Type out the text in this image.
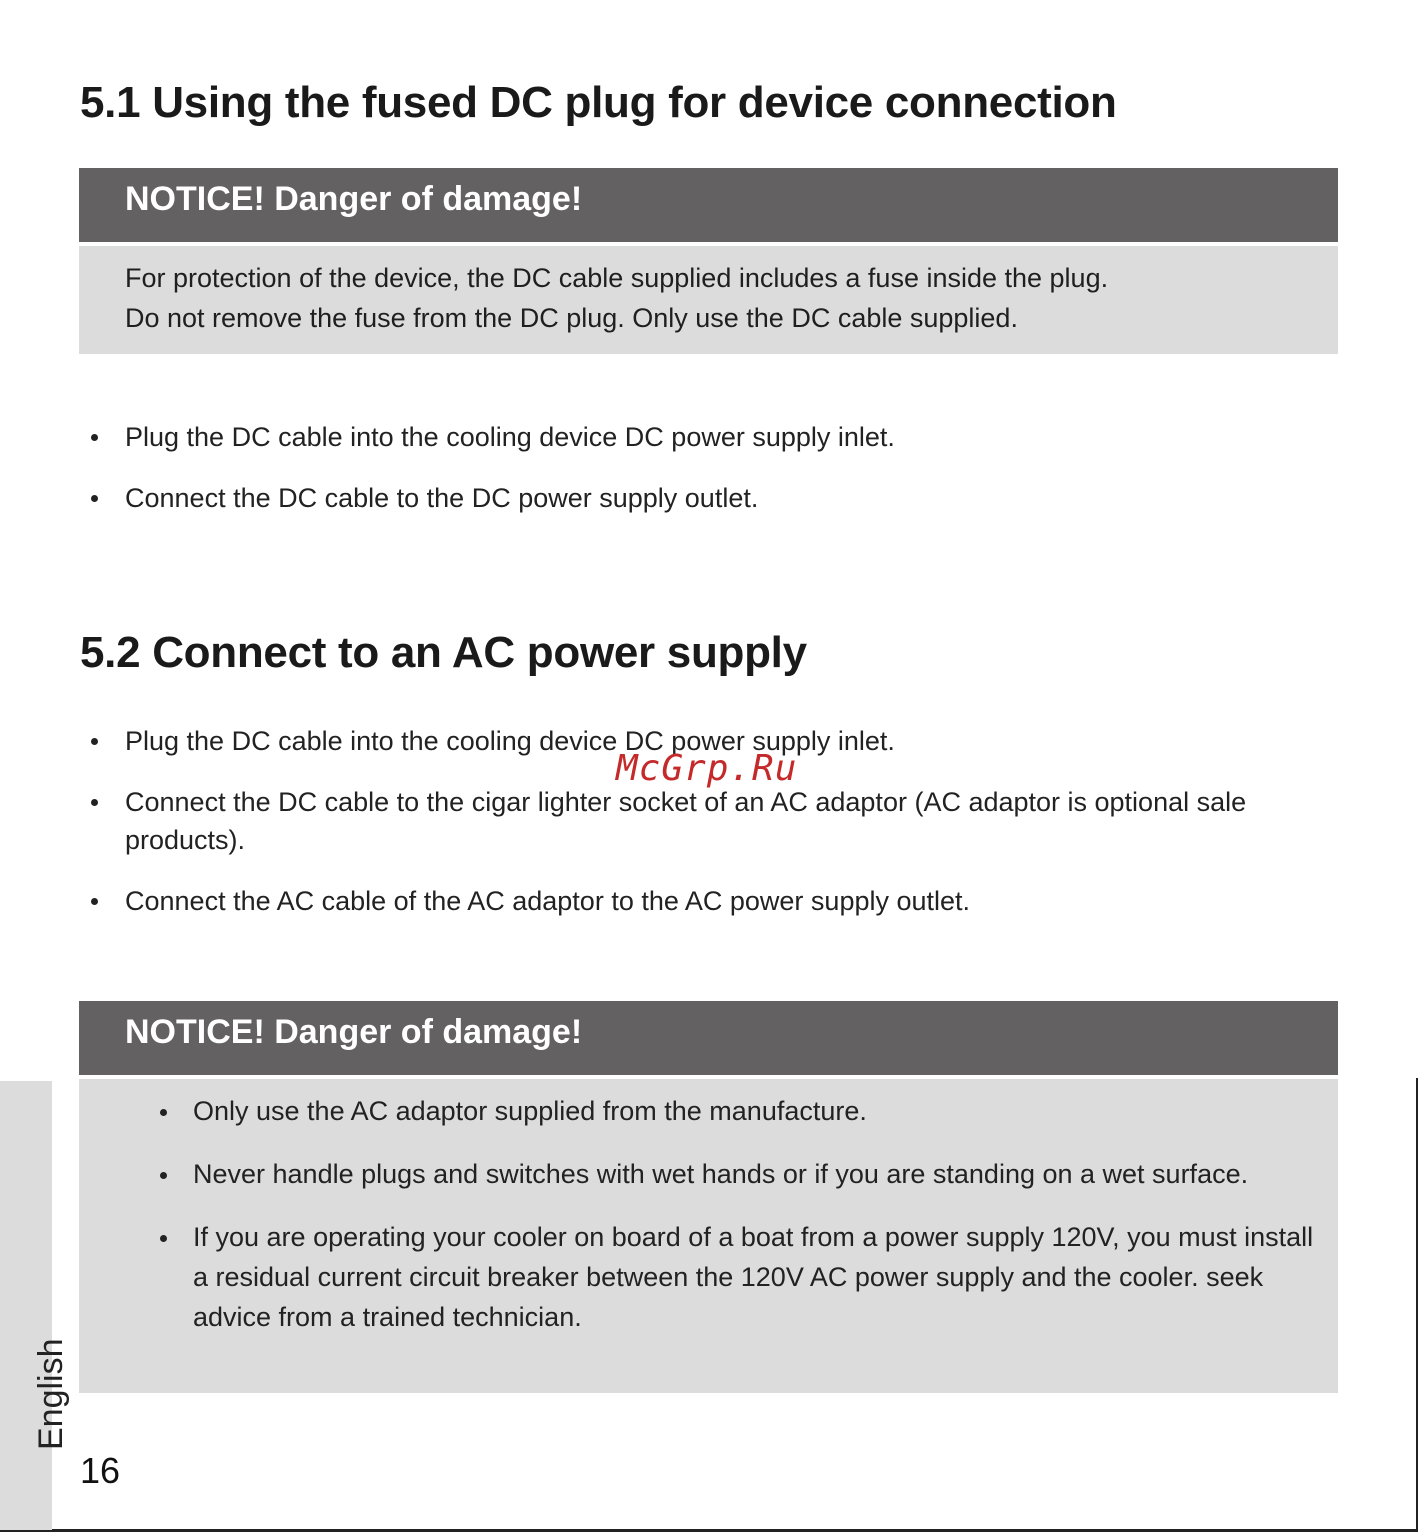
5.1 Using the fused DC plug for device connection
NOTICE! Danger of damage!
For protection of the device, the DC cable supplied includes a fuse inside the plug.
Do not remove the fuse from the DC plug. Only use the DC cable supplied.
Plug the DC cable into the cooling device DC power supply inlet.
Connect the DC cable to the DC power supply outlet.
5.2 Connect to an AC power supply
Plug the DC cable into the cooling device DC power supply inlet.
Connect the DC cable to the cigar lighter socket of an AC adaptor (AC adaptor is optional sale products).
Connect the AC cable of the AC adaptor to the AC power supply outlet.
McGrp.Ru
NOTICE! Danger of damage!
Only use the AC adaptor supplied from the manufacture.
Never handle plugs and switches with wet hands or if you are standing on a wet surface.
If you are operating your cooler on board of a boat from a power supply 120V, you must install a residual current circuit breaker between the 120V AC power supply and the cooler. seek advice from a trained technician.
English
16
